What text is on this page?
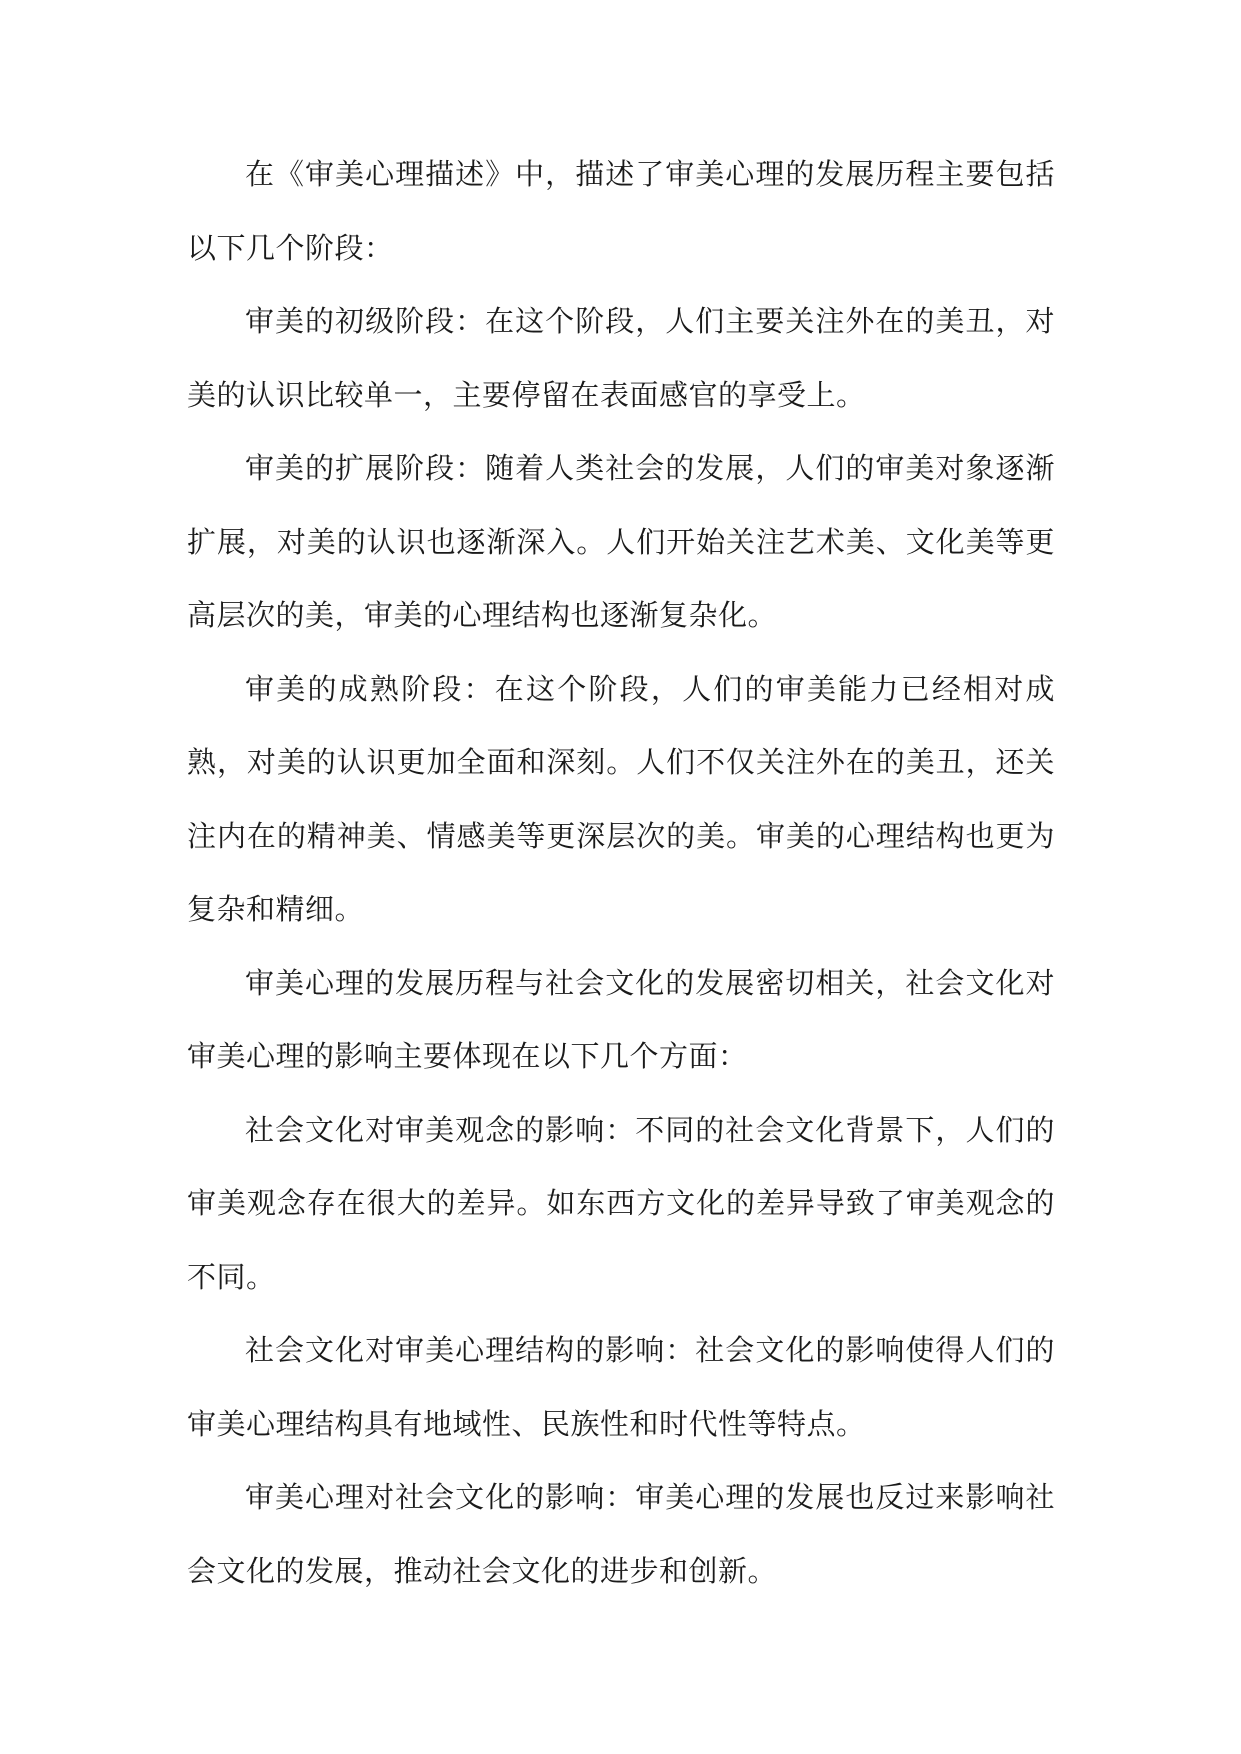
在《审美心理描述》中，描述了审美心理的发展历程主要包括以下几个阶段：

审美的初级阶段：在这个阶段，人们主要关注外在的美丑，对美的认识比较单一，主要停留在表面感官的享受上。

审美的扩展阶段：随着人类社会的发展，人们的审美对象逐渐扩展，对美的认识也逐渐深入。人们开始关注艺术美、文化美等更高层次的美，审美的心理结构也逐渐复杂化。

审美的成熟阶段：在这个阶段，人们的审美能力已经相对成熟，对美的认识更加全面和深刻。人们不仅关注外在的美丑，还关注内在的精神美、情感美等更深层次的美。审美的心理结构也更为复杂和精细。

审美心理的发展历程与社会文化的发展密切相关，社会文化对审美心理的影响主要体现在以下几个方面：

社会文化对审美观念的影响：不同的社会文化背景下，人们的审美观念存在很大的差异。如东西方文化的差异导致了审美观念的不同。

社会文化对审美心理结构的影响：社会文化的影响使得人们的审美心理结构具有地域性、民族性和时代性等特点。

审美心理对社会文化的影响：审美心理的发展也反过来影响社会文化的发展，推动社会文化的进步和创新。
